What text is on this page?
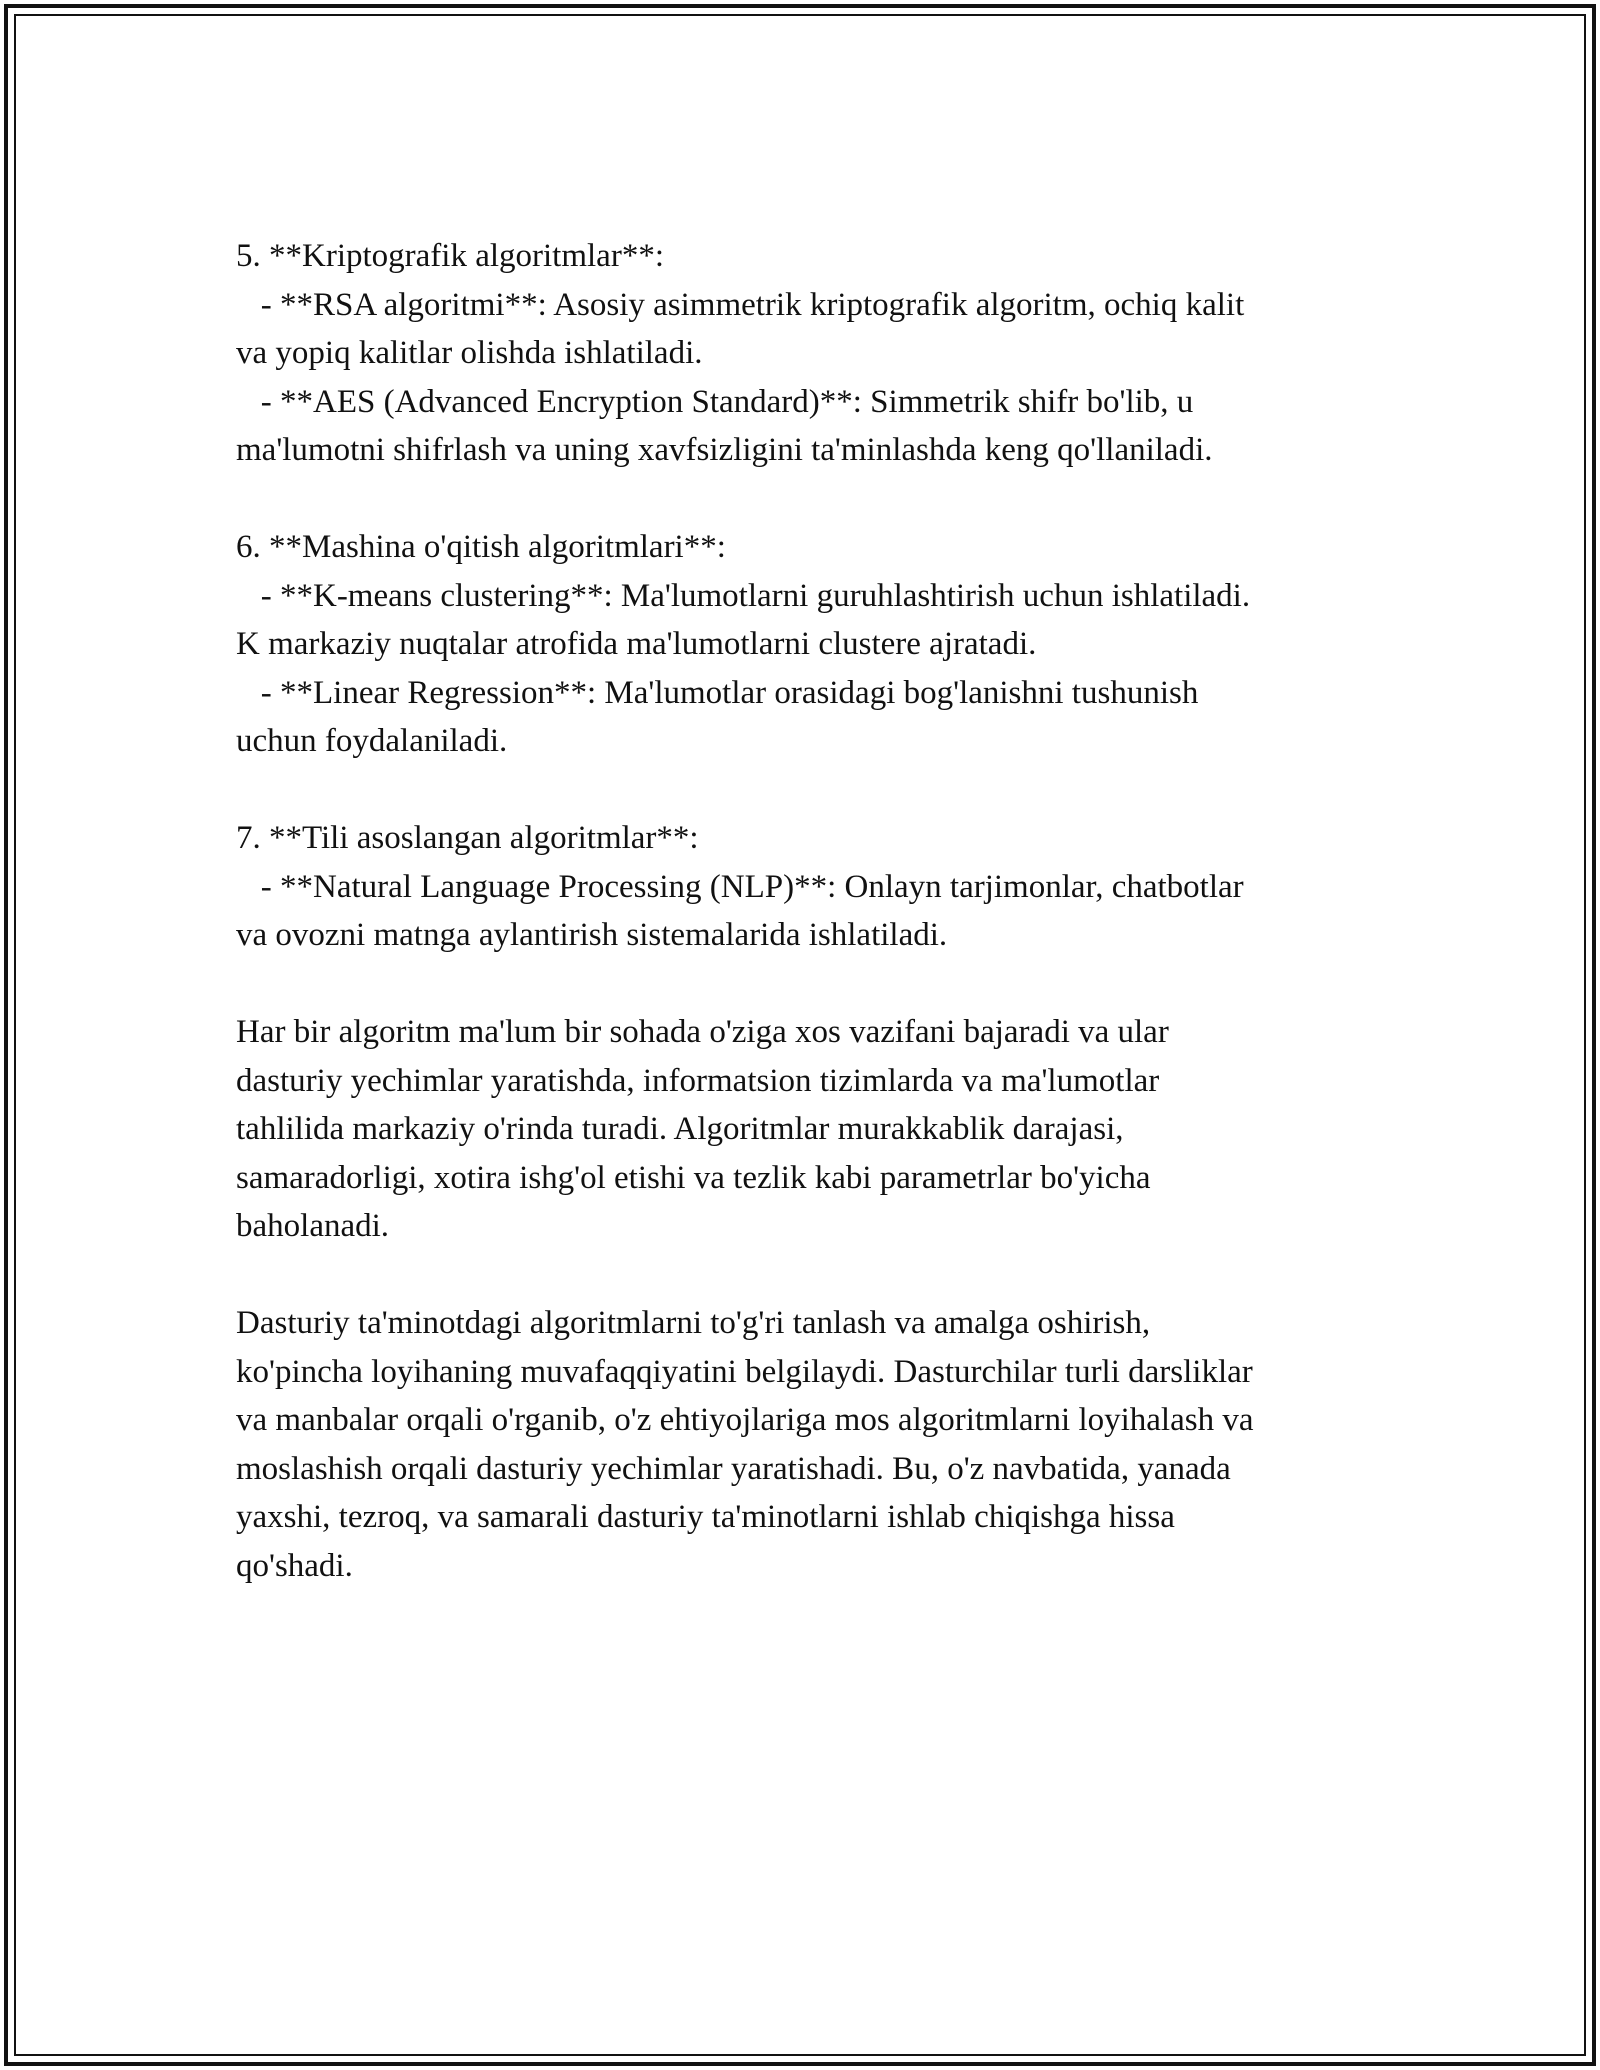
5. **Kriptografik algoritmlar**:

- **RSA algoritmi**: Asosiy asimmetrik kriptografik algoritm, ochiq kalit

va yopiq kalitlar olishda ishlatiladi.

- **AES (Advanced Encryption Standard)**: Simmetrik shifr bo'lib, u

ma'lumotni shifrlash va uning xavfsizligini ta'minlashda keng qo'llaniladi.

6. **Mashina o'qitish algoritmlari**:

- **K-means clustering**: Ma'lumotlarni guruhlashtirish uchun ishlatiladi.

K markaziy nuqtalar atrofida ma'lumotlarni clustere ajratadi.

- **Linear Regression**: Ma'lumotlar orasidagi bog'lanishni tushunish

uchun foydalaniladi.

7. **Tili asoslangan algoritmlar**:

- **Natural Language Processing (NLP)**: Onlayn tarjimonlar, chatbotlar

va ovozni matnga aylantirish sistemalarida ishlatiladi.

Har bir algoritm ma'lum bir sohada o'ziga xos vazifani bajaradi va ular

dasturiy yechimlar yaratishda, informatsion tizimlarda va ma'lumotlar

tahlilida markaziy o'rinda turadi. Algoritmlar murakkablik darajasi,

samaradorligi, xotira ishg'ol etishi va tezlik kabi parametrlar bo'yicha

baholanadi.

Dasturiy ta'minotdagi algoritmlarni to'g'ri tanlash va amalga oshirish,

ko'pincha loyihaning muvafaqqiyatini belgilaydi. Dasturchilar turli darsliklar

va manbalar orqali o'rganib, o'z ehtiyojlariga mos algoritmlarni loyihalash va

moslashish orqali dasturiy yechimlar yaratishadi. Bu, o'z navbatida, yanada

yaxshi, tezroq, va samarali dasturiy ta'minotlarni ishlab chiqishga hissa

qo'shadi.
